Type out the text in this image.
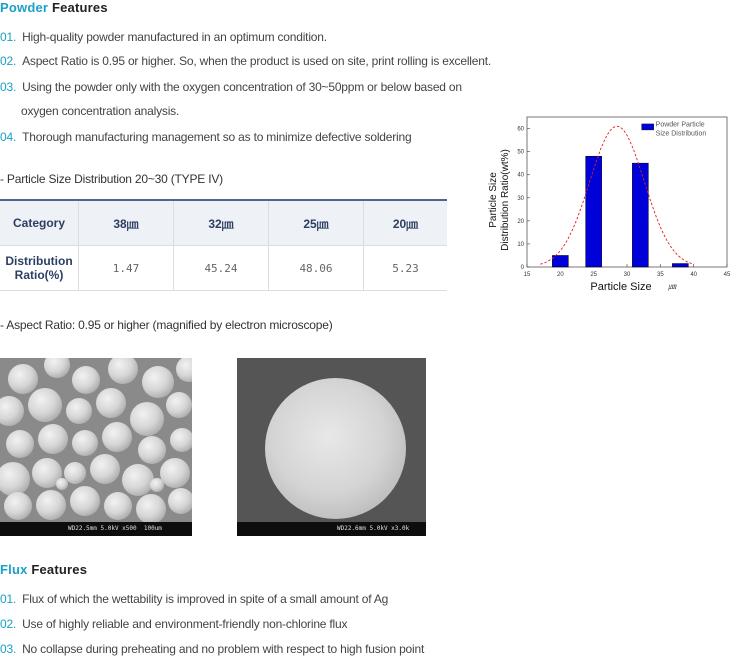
Powder Features
01. High-quality powder manufactured in an optimum condition.
02. Aspect Ratio is 0.95 or higher. So, when the product is used on site, print rolling is excellent.
03. Using the powder only with the oxygen concentration of 30~50ppm or below based on
oxygen concentration analysis.
04. Thorough manufacturing management so as to minimize defective soldering
- Particle Size Distribution 20~30 (TYPE IV)
Category	38㎛	32㎛	25㎛	20㎛
Distribution Ratio(%)	1.47	45.24	48.06	5.23
15	20	25	30	35	40	45
0
10
20
30
40
50
60
Powder Particle
Size Distribution
Particle Size ㎛
Particle Size Distribution Ratio(wt%)
- Aspect Ratio: 0.95 or higher (magnified by electron microscope)
WD22.5mm 5.0kV x500  100um	WD22.6mm 5.0kV x3.0k
Flux Features
01. Flux of which the wettability is improved in spite of a small amount of Ag
02. Use of highly reliable and environment-friendly non-chlorine flux
03. No collapse during preheating and no problem with respect to high fusion point
